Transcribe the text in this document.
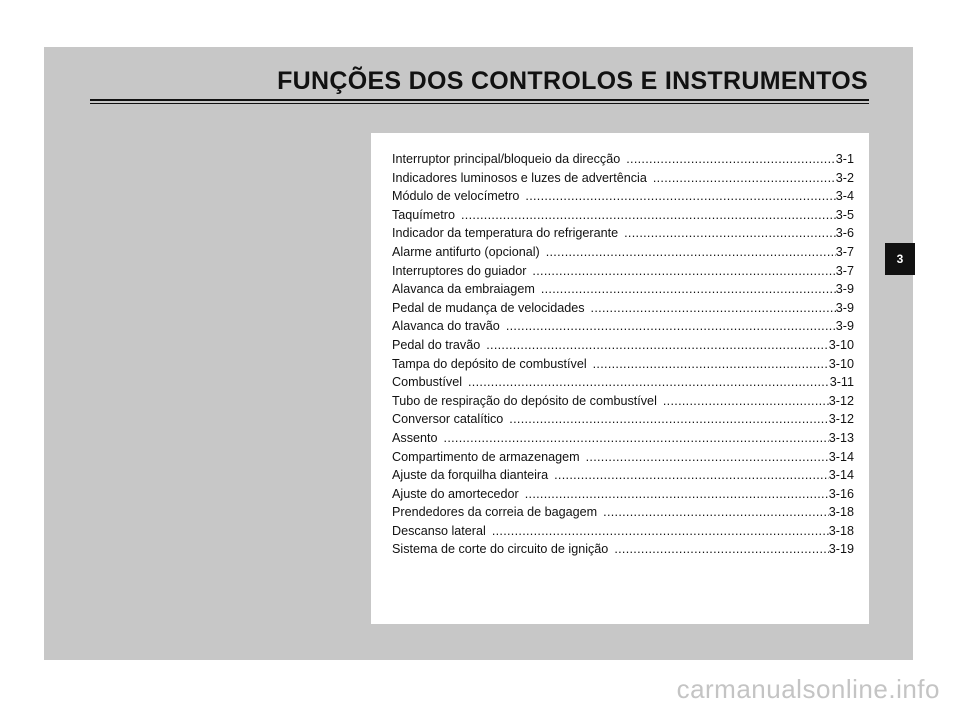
FUNÇÕES DOS CONTROLOS E INSTRUMENTOS
Interruptor principal/bloqueio da direcção .....	3-1
Indicadores luminosos e luzes de advertência .....	3-2
Módulo de velocímetro .....	3-4
Taquímetro .....	3-5
Indicador da temperatura do refrigerante .....	3-6
Alarme antifurto (opcional) .....	3-7
Interruptores do guiador .....	3-7
Alavanca da embraiagem .....	3-9
Pedal de mudança de velocidades .....	3-9
Alavanca do travão .....	3-9
Pedal do travão .....	3-10
Tampa do depósito de combustível .....	3-10
Combustível .....	3-11
Tubo de respiração do depósito de combustível .....	3-12
Conversor catalítico .....	3-12
Assento .....	3-13
Compartimento de armazenagem .....	3-14
Ajuste da forquilha dianteira .....	3-14
Ajuste do amortecedor .....	3-16
Prendedores da correia de bagagem .....	3-18
Descanso lateral .....	3-18
Sistema de corte do circuito de ignição .....	3-19
3
carmanualsonline.info
